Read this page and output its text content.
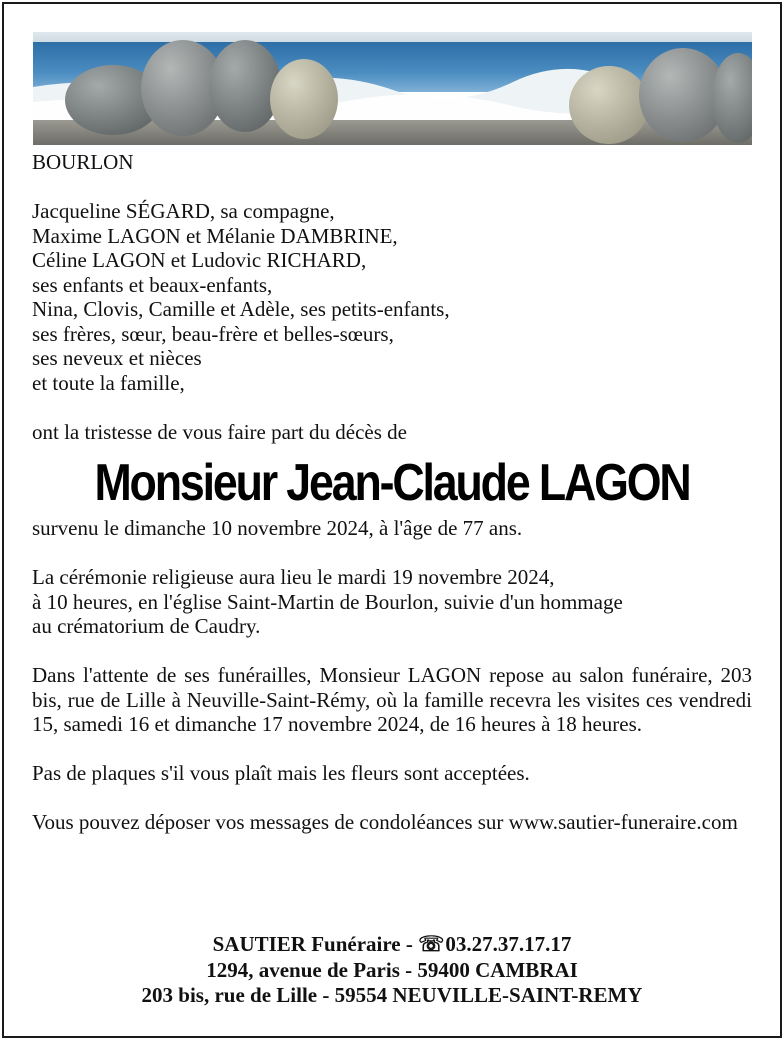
BOURLON
Jacqueline SÉGARD, sa compagne,
Maxime LAGON et Mélanie DAMBRINE,
Céline LAGON et Ludovic RICHARD,
ses enfants et beaux-enfants,
Nina, Clovis, Camille et Adèle, ses petits-enfants,
ses frères, sœur, beau-frère et belles-sœurs,
ses neveux et nièces
et toute la famille,
ont la tristesse de vous faire part du décès de
Monsieur Jean-Claude LAGON
survenu le dimanche 10 novembre 2024, à l'âge de 77 ans.
La cérémonie religieuse aura lieu le mardi 19 novembre 2024,
à 10 heures, en l'église Saint-Martin de Bourlon, suivie d'un hommage
au crématorium de Caudry.
Dans l'attente de ses funérailles, Monsieur LAGON repose au salon funéraire, 203 bis, rue de Lille à Neuville-Saint-Rémy, où la famille recevra les visites ces vendredi 15, samedi 16 et dimanche 17 novembre 2024, de 16 heures à 18 heures.
Pas de plaques s'il vous plaît mais les fleurs sont acceptées.
Vous pouvez déposer vos messages de condoléances sur www.sautier-funeraire.com
SAUTIER Funéraire - ☏03.27.37.17.17
1294, avenue de Paris - 59400 CAMBRAI
203 bis, rue de Lille - 59554 NEUVILLE-SAINT-REMY
